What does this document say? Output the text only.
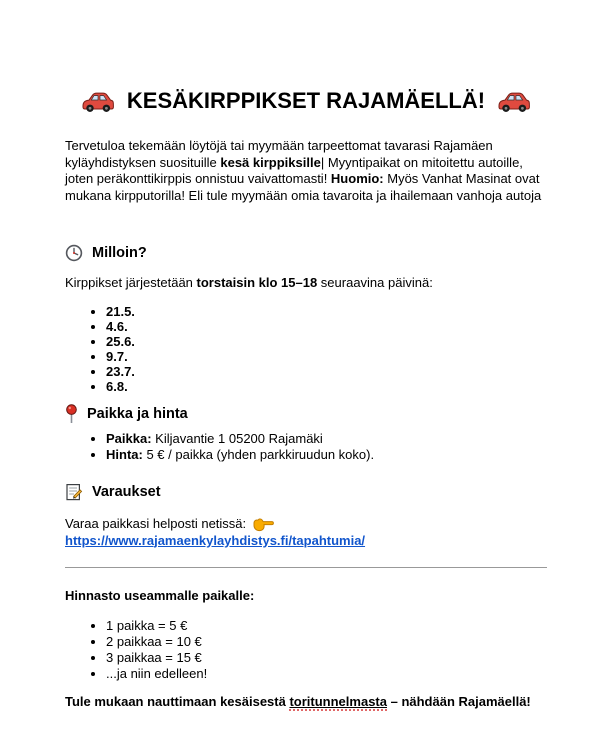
KESÄKIRPPIKSET RAJAMÄELLÄ!
Tervetuloa tekemään löytöjä tai myymään tarpeettomat tavarasi Rajamäen kyläyhdistyksen suosituille kesä kirppiksille| Myyntipaikat on mitoitettu autoille, joten peräkonttikirppis onnistuu vaivattomasti! Huomio: Myös Vanhat Masinat ovat mukana kirpputorilla! Eli tule myymään omia tavaroita ja ihailemaan vanhoja autoja
Milloin?
Kirppikset järjestetään torstaisin klo 15–18 seuraavina päivinä:
• 21.5.
• 4.6.
• 25.6.
• 9.7.
• 23.7.
• 6.8.
Paikka ja hinta
• Paikka: Kiljavantie 1 05200 Rajamäki
• Hinta: 5 € / paikka (yhden parkkiruudun koko).
Varaukset
Varaa paikkasi helposti netissä: https://www.rajamaenkylayhdistys.fi/tapahtumia/
Hinnasto useammalle paikalle:
• 1 paikka = 5 €
• 2 paikkaa = 10 €
• 3 paikkaa = 15 €
• ...ja niin edelleen!
Tule mukaan nauttimaan kesäisestä toritunnelmasta – nähdään Rajamäellä!
